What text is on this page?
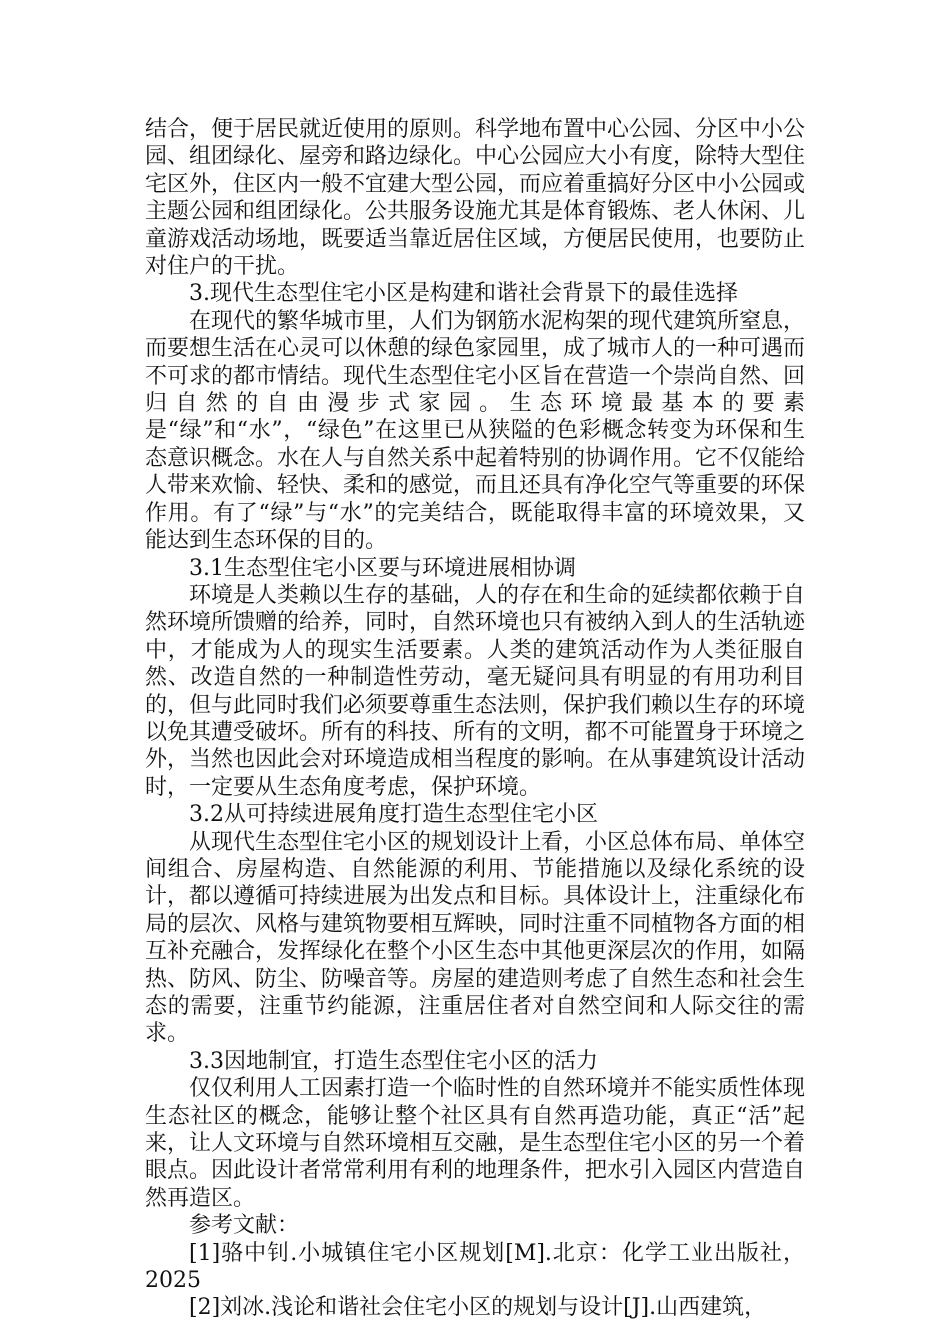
结合，便于居民就近使用的原则。科学地布置中心公园、分区中小公园、组团绿化、屋旁和路边绿化。中心公园应大小有度，除特大型住宅区外，住区内一般不宜建大型公园，而应着重搞好分区中小公园或主题公园和组团绿化。公共服务设施尤其是体育锻炼、老人休闲、儿童游戏活动场地，既要适当靠近居住区域，方便居民使用，也要防止对住户的干扰。

3.现代生态型住宅小区是构建和谐社会背景下的最佳选择

在现代的繁华城市里，人们为钢筋水泥构架的现代建筑所窒息，而要想生活在心灵可以休憩的绿色家园里，成了城市人的一种可遇而不可求的都市情结。现代生态型住宅小区旨在营造一个崇尚自然、回归自然的自由漫步式家园。生态环境最基本的要素是“绿”和“水”，“绿色”在这里已从狭隘的色彩概念转变为环保和生态意识概念。水在人与自然关系中起着特别的协调作用。它不仅能给人带来欢愉、轻快、柔和的感觉，而且还具有净化空气等重要的环保作用。有了“绿”与“水”的完美结合，既能取得丰富的环境效果，又能达到生态环保的目的。

3.1生态型住宅小区要与环境进展相协调

环境是人类赖以生存的基础，人的存在和生命的延续都依赖于自然环境所馈赠的给养，同时，自然环境也只有被纳入到人的生活轨迹中，才能成为人的现实生活要素。人类的建筑活动作为人类征服自然、改造自然的一种制造性劳动，毫无疑问具有明显的有用功利目的，但与此同时我们必须要尊重生态法则，保护我们赖以生存的环境以免其遭受破坏。所有的科技、所有的文明，都不可能置身于环境之外，当然也因此会对环境造成相当程度的影响。在从事建筑设计活动时，一定要从生态角度考虑，保护环境。

3.2从可持续进展角度打造生态型住宅小区

从现代生态型住宅小区的规划设计上看，小区总体布局、单体空间组合、房屋构造、自然能源的利用、节能措施以及绿化系统的设计，都以遵循可持续进展为出发点和目标。具体设计上，注重绿化布局的层次、风格与建筑物要相互辉映，同时注重不同植物各方面的相互补充融合，发挥绿化在整个小区生态中其他更深层次的作用，如隔热、防风、防尘、防噪音等。房屋的建造则考虑了自然生态和社会生态的需要，注重节约能源，注重居住者对自然空间和人际交往的需求。

3.3因地制宜，打造生态型住宅小区的活力

仅仅利用人工因素打造一个临时性的自然环境并不能实质性体现生态社区的概念，能够让整个社区具有自然再造功能，真正“活”起来，让人文环境与自然环境相互交融，是生态型住宅小区的另一个着眼点。因此设计者常常利用有利的地理条件，把水引入园区内营造自然再造区。

参考文献：

[1]骆中钊.小城镇住宅小区规划[M].北京：化学工业出版社，2025

[2]刘冰.浅论和谐社会住宅小区的规划与设计[J].山西建筑，
